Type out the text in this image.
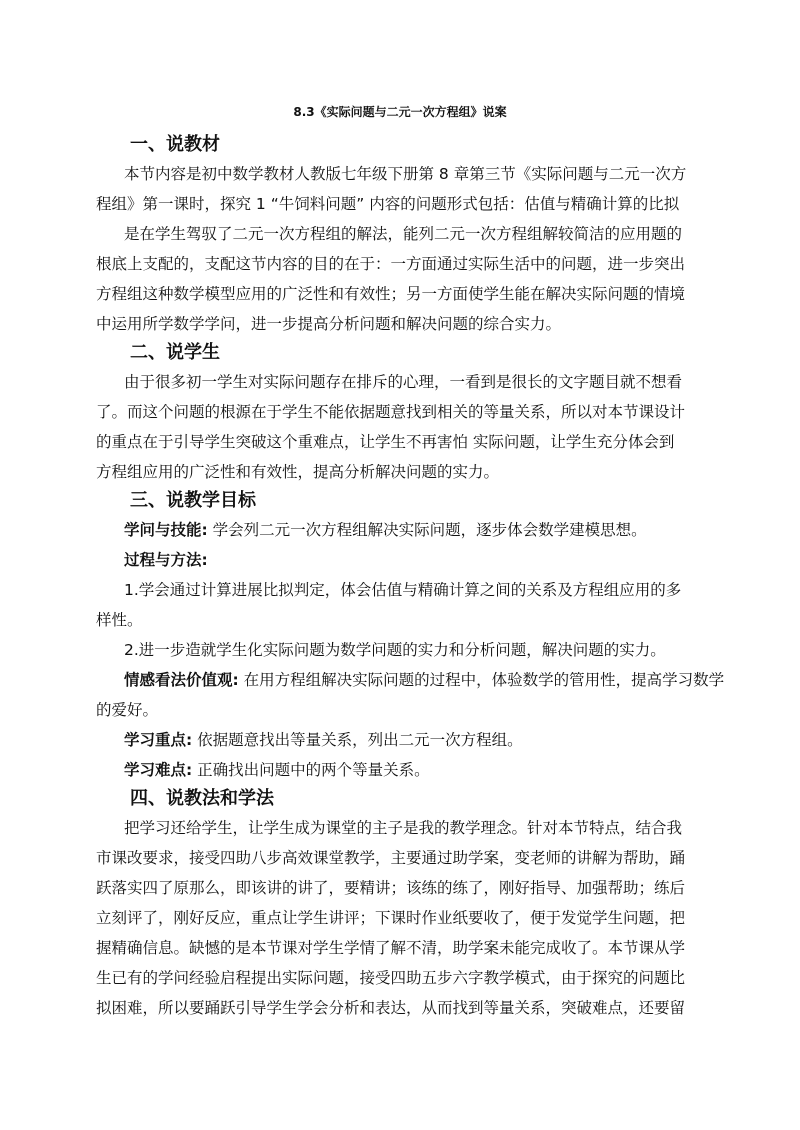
8.3《实际问题与二元一次方程组》说案
一、说教材
本节内容是初中数学教材人教版七年级下册第 8 章第三节《实际问题与二元一次方
程组》第一课时，探究 1 “牛饲料问题” 内容的问题形式包括：估值与精确计算的比拟
是在学生驾驭了二元一次方程组的解法，能列二元一次方程组解较简洁的应用题的
根底上支配的，支配这节内容的目的在于：一方面通过实际生活中的问题，进一步突出
方程组这种数学模型应用的广泛性和有效性；另一方面使学生能在解决实际问题的情境
中运用所学数学学问，进一步提高分析问题和解决问题的综合实力。
二、说学生
由于很多初一学生对实际问题存在排斥的心理，一看到是很长的文字题目就不想看
了。而这个问题的根源在于学生不能依据题意找到相关的等量关系，所以对本节课设计
的重点在于引导学生突破这个重难点，让学生不再害怕 实际问题，让学生充分体会到
方程组应用的广泛性和有效性，提高分析解决问题的实力。
三、说教学目标
学问与技能: 学会列二元一次方程组解决实际问题，逐步体会数学建模思想。
过程与方法:
1.学会通过计算进展比拟判定，体会估值与精确计算之间的关系及方程组应用的多
样性。
2.进一步造就学生化实际问题为数学问题的实力和分析问题，解决问题的实力。
情感看法价值观: 在用方程组解决实际问题的过程中，体验数学的管用性，提高学习数学
的爱好。
学习重点: 依据题意找出等量关系，列出二元一次方程组。
学习难点: 正确找出问题中的两个等量关系。
四、说教法和学法
把学习还给学生，让学生成为课堂的主子是我的教学理念。针对本节特点，结合我
市课改要求，接受四助八步高效课堂教学，主要通过助学案，变老师的讲解为帮助，踊
跃落实四了原那么，即该讲的讲了，要精讲；该练的练了，刚好指导、加强帮助；练后
立刻评了，刚好反应，重点让学生讲评；下课时作业纸要收了，便于发觉学生问题，把
握精确信息。缺憾的是本节课对学生学情了解不清，助学案未能完成收了。本节课从学
生已有的学问经验启程提出实际问题，接受四助五步六字教学模式，由于探究的问题比
拟困难，所以要踊跃引导学生学会分析和表达，从而找到等量关系，突破难点，还要留
